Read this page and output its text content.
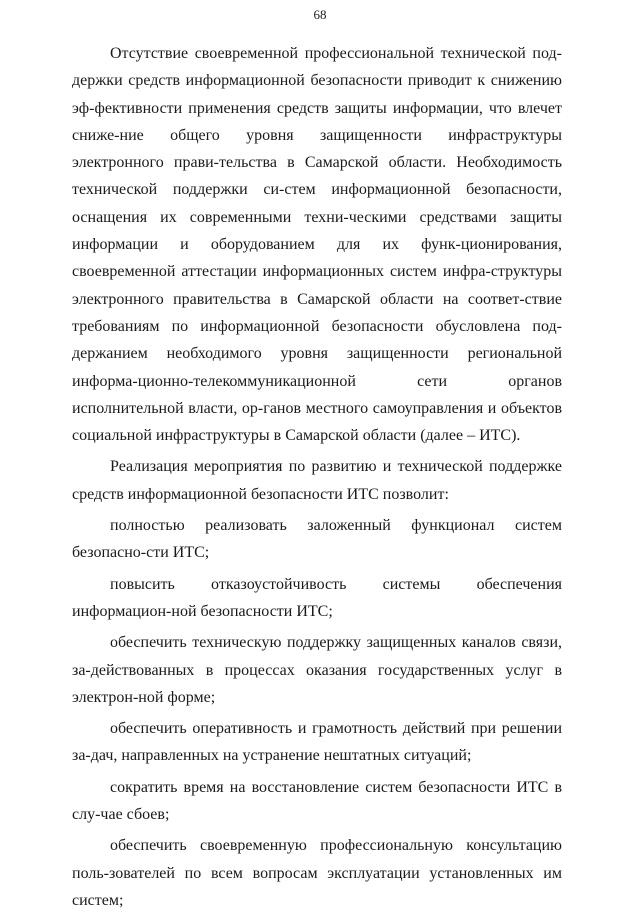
68

Отсутствие своевременной профессиональной технической под-держки средств информационной безопасности приводит к снижению эф-фективности применения средств защиты информации, что влечет сниже-ние общего уровня защищенности инфраструктуры электронного прави-тельства в Самарской области. Необходимость технической поддержки си-стем информационной безопасности, оснащения их современными техни-ческими средствами защиты информации и оборудованием для их функ-ционирования, своевременной аттестации информационных систем инфра-структуры электронного правительства в Самарской области на соответ-ствие требованиям по информационной безопасности обусловлена под-держанием необходимого уровня защищенности региональной информа-ционно-телекоммуникационной сети органов исполнительной власти, ор-ганов местного самоуправления и объектов социальной инфраструктуры в Самарской области (далее – ИТС).

Реализация мероприятия по развитию и технической поддержке средств информационной безопасности ИТС позволит:

полностью реализовать заложенный функционал систем безопасно-сти ИТС;

повысить отказоустойчивость системы обеспечения информацион-ной безопасности ИТС;

обеспечить техническую поддержку защищенных каналов связи, за-действованных в процессах оказания государственных услуг в электрон-ной форме;

обеспечить оперативность и грамотность действий при решении за-дач, направленных на устранение нештатных ситуаций;

сократить время на восстановление систем безопасности ИТС в слу-чае сбоев;

обеспечить своевременную профессиональную консультацию поль-зователей по всем вопросам эксплуатации установленных им систем;
